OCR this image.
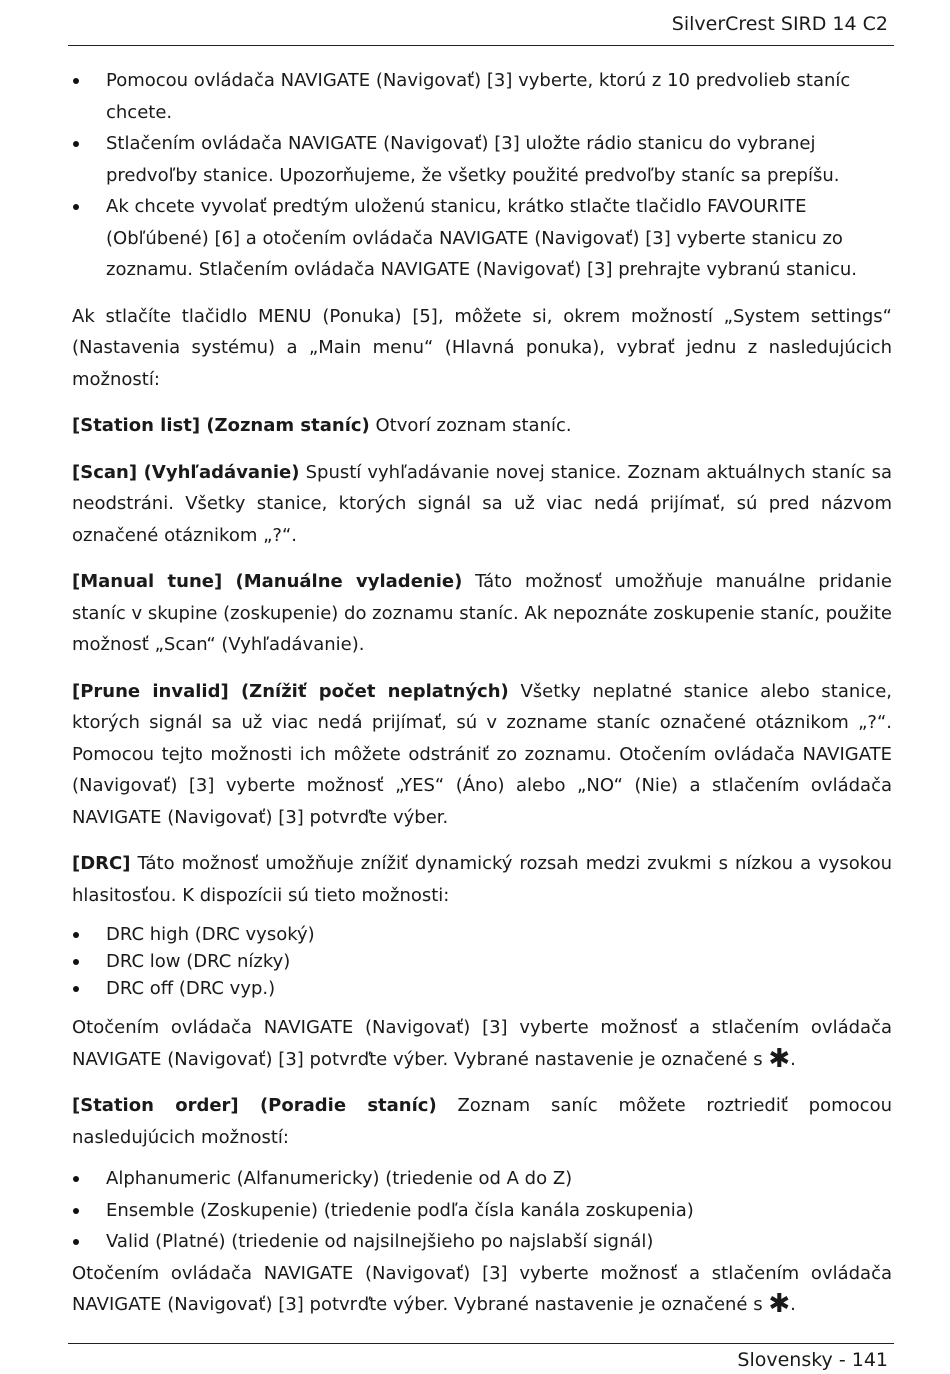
SilverCrest SIRD 14 C2
Pomocou ovládača NAVIGATE (Navigovať) [3] vyberte, ktorú z 10 predvolieb staníc chcete.
Stlačením ovládača NAVIGATE (Navigovať) [3] uložte rádio stanicu do vybranej predvoľby stanice. Upozorňujeme, že všetky použité predvoľby staníc sa prepíšu.
Ak chcete vyvolať predtým uloženú stanicu, krátko stlačte tlačidlo FAVOURITE (Obľúbené) [6] a otočením ovládača NAVIGATE (Navigovať) [3] vyberte stanicu zo zoznamu. Stlačením ovládača NAVIGATE (Navigovať) [3] prehrajte vybranú stanicu.

Ak stlačíte tlačidlo MENU (Ponuka) [5], môžete si, okrem možností „System settings“ (Nastavenia systému) a „Main menu“ (Hlavná ponuka), vybrať jednu z nasledujúcich možností:

[Station list] (Zoznam staníc) Otvorí zoznam staníc.

[Scan] (Vyhľadávanie) Spustí vyhľadávanie novej stanice. Zoznam aktuálnych staníc sa neodstráni. Všetky stanice, ktorých signál sa už viac nedá prijímať, sú pred názvom označené otáznikom „?“.

[Manual tune] (Manuálne vyladenie) Táto možnosť umožňuje manuálne pridanie staníc v skupine (zoskupenie) do zoznamu staníc. Ak nepoznáte zoskupenie staníc, použite možnosť „Scan“ (Vyhľadávanie).

[Prune invalid] (Znížiť počet neplatných) Všetky neplatné stanice alebo stanice, ktorých signál sa už viac nedá prijímať, sú v zozname staníc označené otáznikom „?“. Pomocou tejto možnosti ich môžete odstrániť zo zoznamu. Otočením ovládača NAVIGATE (Navigovať) [3] vyberte možnosť „YES“ (Áno) alebo „NO“ (Nie) a stlačením ovládača NAVIGATE (Navigovať) [3] potvrďte výber.

[DRC] Táto možnosť umožňuje znížiť dynamický rozsah medzi zvukmi s nízkou a vysokou hlasitosťou. K dispozícii sú tieto možnosti:

DRC high (DRC vysoký)
DRC low (DRC nízky)
DRC off (DRC vyp.)

Otočením ovládača NAVIGATE (Navigovať) [3] vyberte možnosť a stlačením ovládača NAVIGATE (Navigovať) [3] potvrďte výber. Vybrané nastavenie je označené s ✱.

[Station order] (Poradie staníc) Zoznam saníc môžete roztriediť pomocou nasledujúcich možností:

Alphanumeric (Alfanumericky) (triedenie od A do Z)
Ensemble (Zoskupenie) (triedenie podľa čísla kanála zoskupenia)
Valid (Platné) (triedenie od najsilnejšieho po najslabší signál)

Otočením ovládača NAVIGATE (Navigovať) [3] vyberte možnosť a stlačením ovládača NAVIGATE (Navigovať) [3] potvrďte výber. Vybrané nastavenie je označené s ✱.

Slovensky - 141
